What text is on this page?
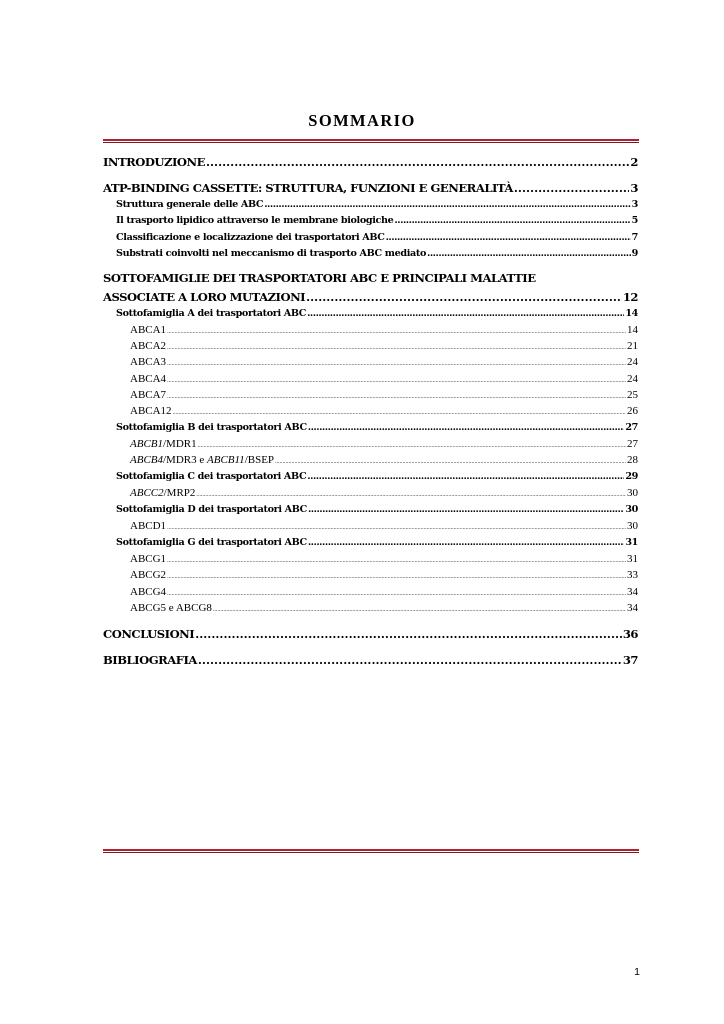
SOMMARIO
INTRODUZIONE .....	2
ATP-BINDING CASSETTE: STRUTTURA, FUNZIONI E GENERALITÀ .....	3
Struttura generale delle ABC .....	3
Il trasporto lipidico attraverso le membrane biologiche .....	5
Classificazione e localizzazione dei trasportatori ABC .....	7
Substrati coinvolti nel meccanismo di trasporto ABC mediato .....	9
SOTTOFAMIGLIE DEI TRASPORTATORI ABC E PRINCIPALI MALATTIE
ASSOCIATE A LORO MUTAZIONI .....	12
Sottofamiglia A dei trasportatori ABC .....	14
ABCA1 .....	14
ABCA2 .....	21
ABCA3 .....	24
ABCA4 .....	24
ABCA7 .....	25
ABCA12 .....	26
Sottofamiglia B dei trasportatori ABC .....	27
ABCB1/MDR1 .....	27
ABCB4/MDR3 e ABCB11/BSEP .....	28
Sottofamiglia C dei trasportatori ABC .....	29
ABCC2/MRP2 .....	30
Sottofamiglia D dei trasportatori ABC .....	30
ABCD1 .....	30
Sottofamiglia G dei trasportatori ABC .....	31
ABCG1 .....	31
ABCG2 .....	33
ABCG4 .....	34
ABCG5 e ABCG8 .....	34
CONCLUSIONI .....	36
BIBLIOGRAFIA .....	37
1
